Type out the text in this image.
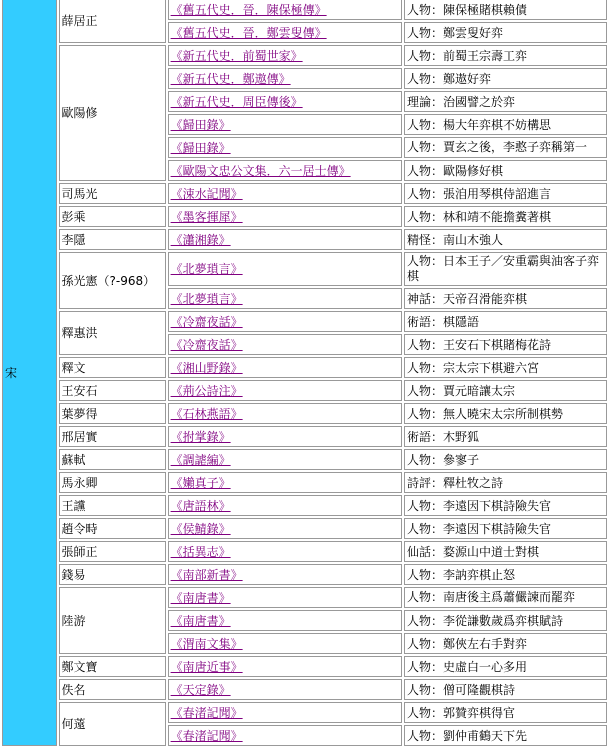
宋	薛居正	《舊五代史．晉．陳保極傳》	人物：陳保極賭棋賴債
		《舊五代史．晉．鄭雲叟傳》	人物：鄭雲叟好弈
	歐陽修	《新五代史．前蜀世家》	人物：前蜀王宗壽工弈
		《新五代史．鄭遨傳》	人物：鄭遨好弈
		《新五代史．周臣傳後》	理論：治國譬之於弈
		《歸田錄》	人物：楊大年弈棋不妨構思
		《歸田錄》	人物：賈玄之後，李憨子弈稱第一
		《歐陽文忠公文集．六一居士傳》	人物：歐陽修好棋
	司馬光	《涑水記聞》	人物：張洎用琴棋侍詔進言
	彭乘	《墨客揮犀》	人物：林和靖不能擔糞著棋
	李隱	《瀟湘錄》	精怪：南山木強人
	孫光憲（?-968）	《北夢瑣言》	人物：日本王子／安重霸與油客子弈棋
		《北夢瑣言》	神話：天帝召滑能弈棋
	釋惠洪	《冷齋夜話》	術語：棋隱語
		《冷齋夜話》	人物：王安石下棋賭梅花詩
	釋文	《湘山野錄》	人物：宗太宗下棋避六宮
	王安石	《荊公詩注》	人物：賈元暗讓太宗
	葉夢得	《石林燕語》	人物：無人曉宋太宗所制棋勢
	邢居實	《拊掌錄》	術語：木野狐
	蘇軾	《調謔編》	人物：參寥子
	馬永卿	《嬾真子》	詩評：釋杜牧之詩
	王讜	《唐語林》	人物：李遠因下棋詩險失官
	趙令畤	《侯鯖錄》	人物：李遠因下棋詩險失官
	張師正	《括異志》	仙話：婺源山中道士對棋
	錢易	《南部新書》	人物：李訥弈棋止怒
	陸游	《南唐書》	人物：南唐後主爲蕭儼諫而罷弈
		《南唐書》	人物：李從謙數歲爲弈棋賦詩
		《渭南文集》	人物：鄭俠左右手對弈
	鄭文寶	《南唐近事》	人物：史虛白一心多用
	佚名	《天定錄》	人物：僧可隆觀棋詩
	何薳	《春渚記聞》	人物：郭贊弈棋得官
		《春渚記聞》	人物：劉仲甫鶴天下先
